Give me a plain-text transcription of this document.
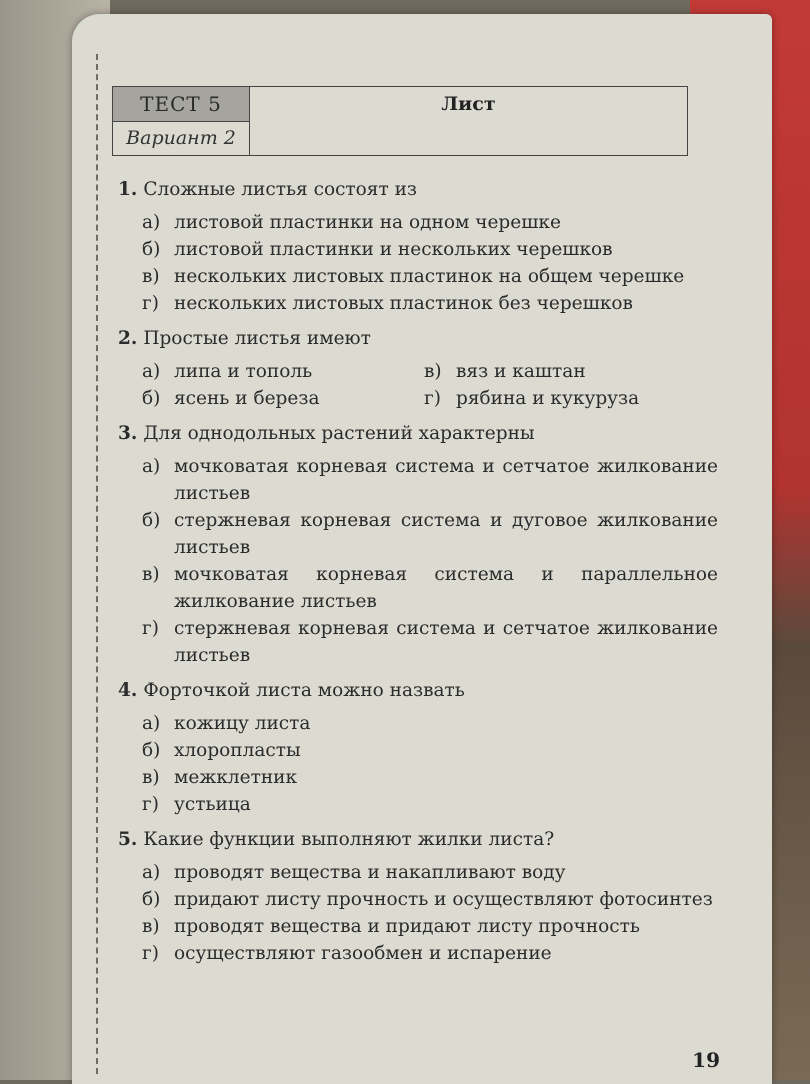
ТЕСТ 5
Вариант 2
Лист
1. Сложные листья состоят из
а) листовой пластинки на одном черешке
б) листовой пластинки и нескольких черешков
в) нескольких листовых пластинок на общем черешке
г) нескольких листовых пластинок без черешков
2. Простые листья имеют
а) липа и тополь	в) вяз и каштан
б) ясень и береза	г) рябина и кукуруза
3. Для однодольных растений характерны
а) мочковатая корневая система и сетчатое жилкование листьев
б) стержневая корневая система и дуговое жилкование листьев
в) мочковатая корневая система и параллельное жилкование листьев
г) стержневая корневая система и сетчатое жилкование листьев
4. Форточкой листа можно назвать
а) кожицу листа
б) хлоропласты
в) межклетник
г) устьица
5. Какие функции выполняют жилки листа?
а) проводят вещества и накапливают воду
б) придают листу прочность и осуществляют фотосинтез
в) проводят вещества и придают листу прочность
г) осуществляют газообмен и испарение
19
